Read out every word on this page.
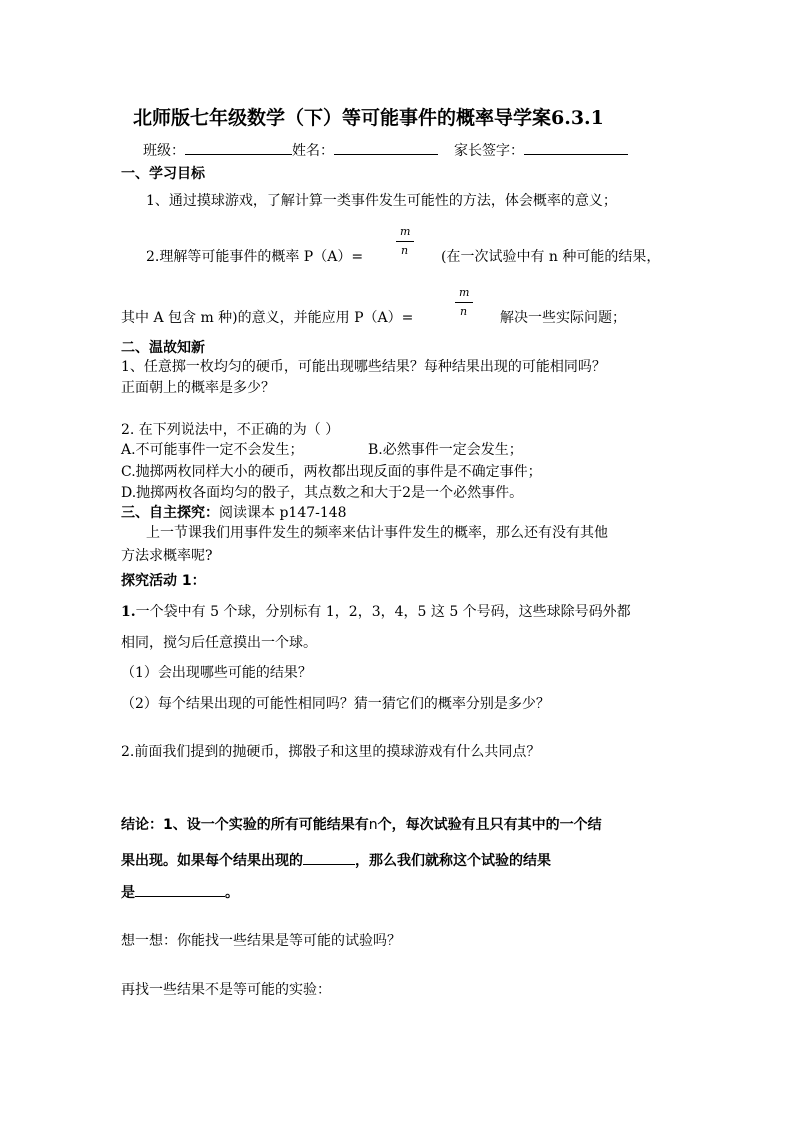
北师版七年级数学（下）等可能事件的概率导学案6.3.1
班级：	姓名：	家长签字：
一、学习目标
1、通过摸球游戏，了解计算一类事件发生可能性的方法，体会概率的意义；
m
n
2.理解等可能事件的概率 P（A）=	(在一次试验中有 n 种可能的结果，
m
n
其中 A 包含 m 种)的意义，并能应用 P（A）=	解决一些实际问题；
二、温故知新
1、任意掷一枚均匀的硬币，可能出现哪些结果？每种结果出现的可能相同吗？
正面朝上的概率是多少？
2. 在下列说法中，不正确的为（ ）
A.不可能事件一定不会发生；	B.必然事件一定会发生；
C.抛掷两枚同样大小的硬币，两枚都出现反面的事件是不确定事件；
D.抛掷两枚各面均匀的骰子，其点数之和大于2是一个必然事件。
三、自主探究：阅读课本 p147-148
上一节课我们用事件发生的频率来估计事件发生的概率，那么还有没有其他
方法求概率呢?
探究活动 1：
1.一个袋中有 5 个球，分别标有 1，2，3，4，5 这 5 个号码，这些球除号码外都
相同，搅匀后任意摸出一个球。
（1）会出现哪些可能的结果？
（2）每个结果出现的可能性相同吗？猜一猜它们的概率分别是多少？
2.前面我们提到的抛硬币，掷骰子和这里的摸球游戏有什么共同点？
结论：1、设一个实验的所有可能结果有n个，每次试验有且只有其中的一个结
果出现。如果每个结果出现的	，那么我们就称这个试验的结果
是	。
想一想：你能找一些结果是等可能的试验吗？
再找一些结果不是等可能的实验：
